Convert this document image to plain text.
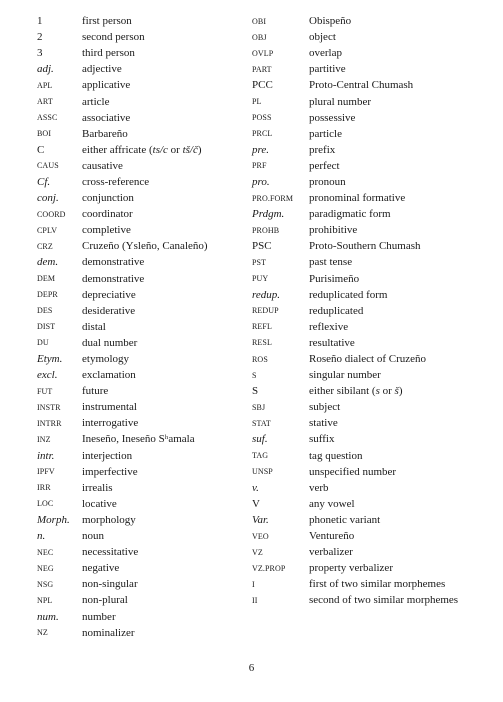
1	first person
2	second person
3	third person
adj.	adjective
APL	applicative
ART	article
ASSC	associative
BOI	Barbareño
C	either affricate (ts/c or tš/č)
CAUS	causative
Cf.	cross-reference
conj.	conjunction
COORD	coordinator
CPLV	completive
CRZ	Cruzeño (Ysleño, Canaleño)
dem.	demonstrative
DEM	demonstrative
DEPR	depreciative
DES	desiderative
DIST	distal
DU	dual number
Etym.	etymology
excl.	exclamation
FUT	future
INSTR	instrumental
INTRR	interrogative
INZ	Ineseño, Ineseño Sʰamala
intr.	interjection
IPFV	imperfective
IRR	irrealis
LOC	locative
Morph.	morphology
n.	noun
NEC	necessitative
NEG	negative
NSG	non-singular
NPL	non-plural
num.	number
NZ	nominalizer
OBI	Obispeño
OBJ	object
OVLP	overlap
PART	partitive
PCC	Proto-Central Chumash
PL	plural number
POSS	possessive
PRCL	particle
pre.	prefix
PRF	perfect
pro.	pronoun
PRO.FORM	pronominal formative
Prdgm.	paradigmatic form
PROHB	prohibitive
PSC	Proto-Southern Chumash
PST	past tense
PUY	Purisimeño
redup.	reduplicated form
REDUP	reduplicated
REFL	reflexive
RESL	resultative
ROS	Roseño dialect of Cruzeño
S	singular number
S	either sibilant (s or š)
SBJ	subject
STAT	stative
suf.	suffix
TAG	tag question
UNSP	unspecified number
v.	verb
V	any vowel
Var.	phonetic variant
VEO	Ventureño
VZ	verbalizer
VZ.PROP	property verbalizer
I	first of two similar morphemes
II	second of two similar morphemes
6
